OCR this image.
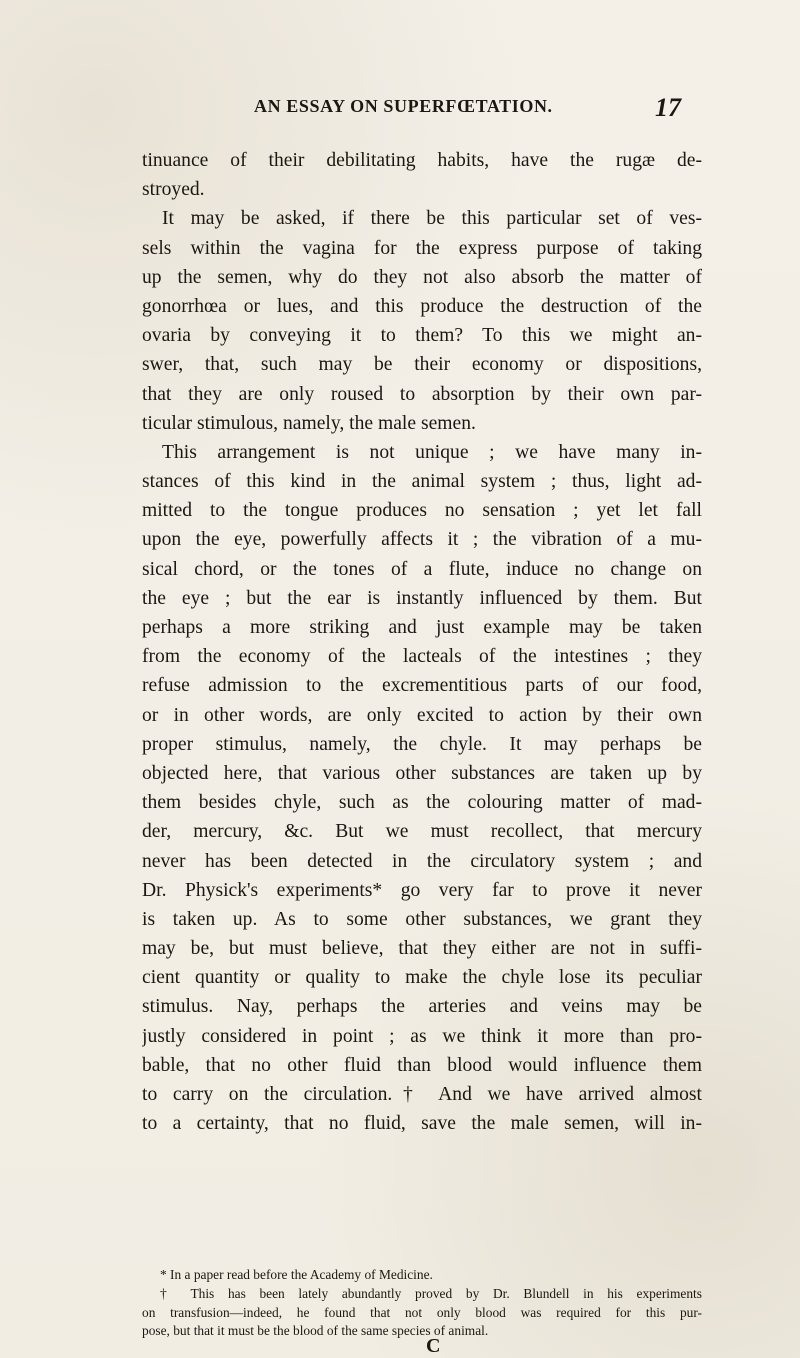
AN ESSAY ON SUPERFŒTATION.	17
tinuance of their debilitating habits, have the rugæ de-
stroyed.
It may be asked, if there be this particular set of ves-
sels within the vagina for the express purpose of taking
up the semen, why do they not also absorb the matter of
gonorrhœa or lues, and this produce the destruction of the
ovaria by conveying it to them? To this we might an-
swer, that, such may be their economy or dispositions,
that they are only roused to absorption by their own par-
ticular stimulous, namely, the male semen.
This arrangement is not unique ; we have many in-
stances of this kind in the animal system ; thus, light ad-
mitted to the tongue produces no sensation ; yet let fall
upon the eye, powerfully affects it ; the vibration of a mu-
sical chord, or the tones of a flute, induce no change on
the eye ; but the ear is instantly influenced by them. But
perhaps a more striking and just example may be taken
from the economy of the lacteals of the intestines ; they
refuse admission to the excrementitious parts of our food,
or in other words, are only excited to action by their own
proper stimulus, namely, the chyle. It may perhaps be
objected here, that various other substances are taken up by
them besides chyle, such as the colouring matter of mad-
der, mercury, &c. But we must recollect, that mercury
never has been detected in the circulatory system ; and
Dr. Physick's experiments* go very far to prove it never
is taken up. As to some other substances, we grant they
may be, but must believe, that they either are not in suffi-
cient quantity or quality to make the chyle lose its peculiar
stimulus. Nay, perhaps the arteries and veins may be
justly considered in point ; as we think it more than pro-
bable, that no other fluid than blood would influence them
to carry on the circulation.† And we have arrived almost
to a certainty, that no fluid, save the male semen, will in-
* In a paper read before the Academy of Medicine.
† This has been lately abundantly proved by Dr. Blundell in his experiments
on transfusion—indeed, he found that not only blood was required for this pur-
pose, but that it must be the blood of the same species of animal.
C
